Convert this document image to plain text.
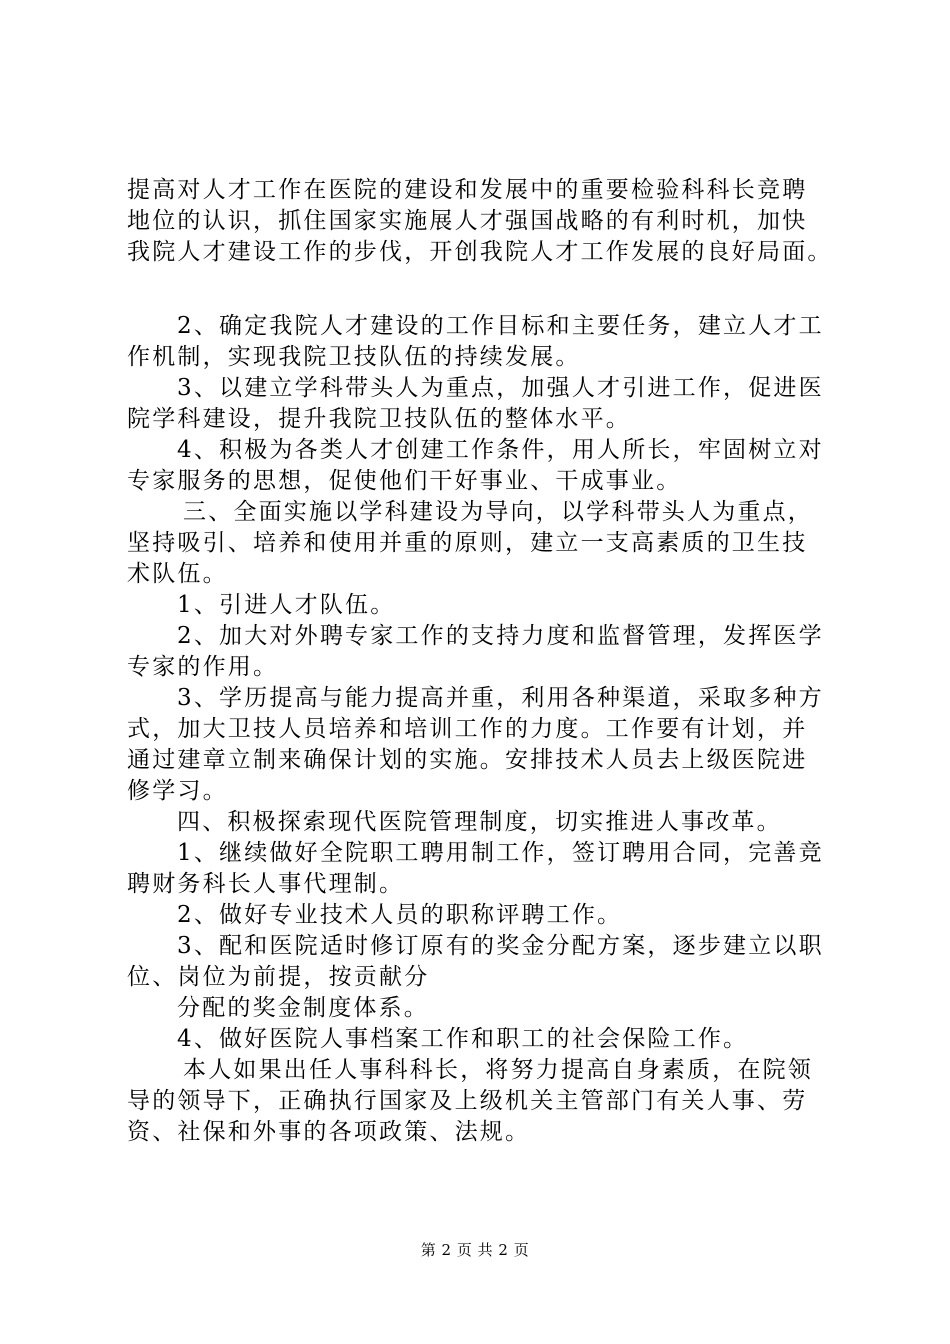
提高对人才工作在医院的建设和发展中的重要检验科科长竞聘
地位的认识，抓住国家实施展人才强国战略的有利时机，加快
我院人才建设工作的步伐，开创我院人才工作发展的良好局面。
2、确定我院人才建设的工作目标和主要任务，建立人才工
作机制，实现我院卫技队伍的持续发展。
3、以建立学科带头人为重点，加强人才引进工作，促进医
院学科建设，提升我院卫技队伍的整体水平。
4、积极为各类人才创建工作条件，用人所长，牢固树立对
专家服务的思想，促使他们干好事业、干成事业。
三、全面实施以学科建设为导向，以学科带头人为重点，
坚持吸引、培养和使用并重的原则，建立一支高素质的卫生技
术队伍。
1、引进人才队伍。
2、加大对外聘专家工作的支持力度和监督管理，发挥医学
专家的作用。
3、学历提高与能力提高并重，利用各种渠道，采取多种方
式，加大卫技人员培养和培训工作的力度。工作要有计划，并
通过建章立制来确保计划的实施。安排技术人员去上级医院进
修学习。
四、积极探索现代医院管理制度，切实推进人事改革。
1、继续做好全院职工聘用制工作，签订聘用合同，完善竞
聘财务科长人事代理制。
2、做好专业技术人员的职称评聘工作。
3、配和医院适时修订原有的奖金分配方案，逐步建立以职
位、岗位为前提，按贡献分
分配的奖金制度体系。
4、做好医院人事档案工作和职工的社会保险工作。
本人如果出任人事科科长，将努力提高自身素质，在院领
导的领导下，正确执行国家及上级机关主管部门有关人事、劳
资、社保和外事的各项政策、法规。
第 2 页 共 2 页
